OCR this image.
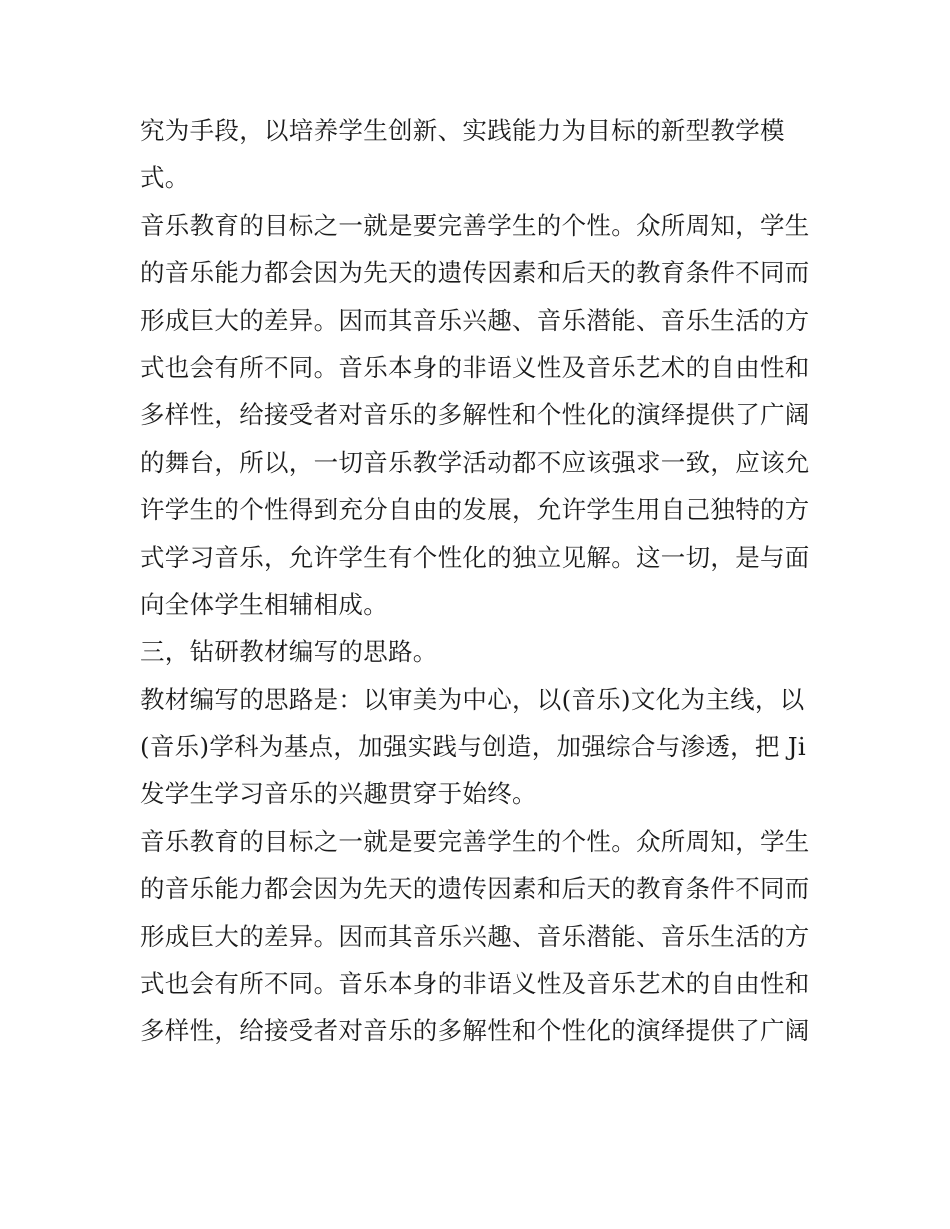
究为手段，以培养学生创新、实践能力为目标的新型教学模
式。
音乐教育的目标之一就是要完善学生的个性。众所周知，学生
的音乐能力都会因为先天的遗传因素和后天的教育条件不同而
形成巨大的差异。因而其音乐兴趣、音乐潜能、音乐生活的方
式也会有所不同。音乐本身的非语义性及音乐艺术的自由性和
多样性，给接受者对音乐的多解性和个性化的演绎提供了广阔
的舞台，所以，一切音乐教学活动都不应该强求一致，应该允
许学生的个性得到充分自由的发展，允许学生用自己独特的方
式学习音乐，允许学生有个性化的独立见解。这一切，是与面
向全体学生相辅相成。
三，钻研教材编写的思路。
教材编写的思路是：以审美为中心，以(音乐)文化为主线，以
(音乐)学科为基点，加强实践与创造，加强综合与渗透，把 Ji
发学生学习音乐的兴趣贯穿于始终。
音乐教育的目标之一就是要完善学生的个性。众所周知，学生
的音乐能力都会因为先天的遗传因素和后天的教育条件不同而
形成巨大的差异。因而其音乐兴趣、音乐潜能、音乐生活的方
式也会有所不同。音乐本身的非语义性及音乐艺术的自由性和
多样性，给接受者对音乐的多解性和个性化的演绎提供了广阔
